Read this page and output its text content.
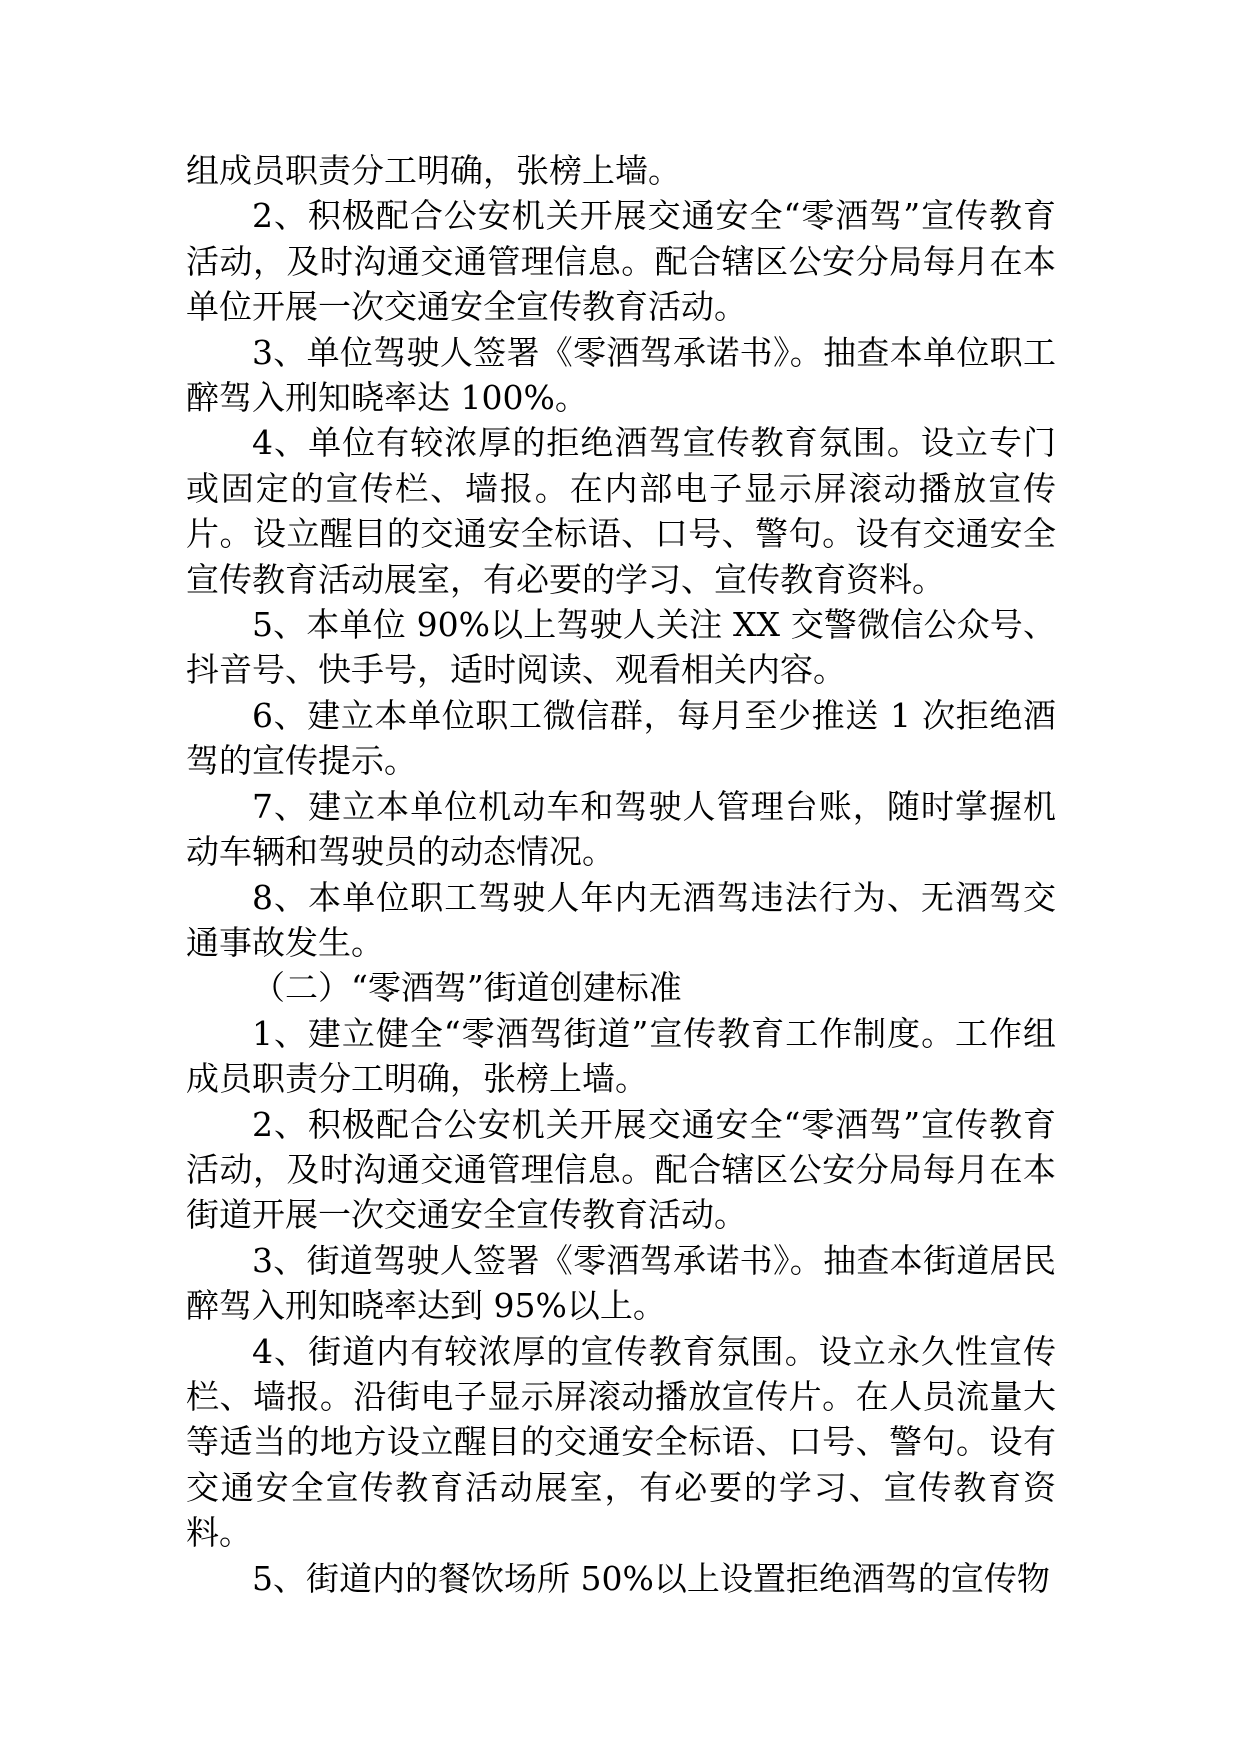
组成员职责分工明确，张榜上墙。

2、积极配合公安机关开展交通安全“零酒驾”宣传教育活动，及时沟通交通管理信息。配合辖区公安分局每月在本单位开展一次交通安全宣传教育活动。

3、单位驾驶人签署《零酒驾承诺书》。抽查本单位职工醉驾入刑知晓率达 100%。

4、单位有较浓厚的拒绝酒驾宣传教育氛围。设立专门或固定的宣传栏、墙报。在内部电子显示屏滚动播放宣传片。设立醒目的交通安全标语、口号、警句。设有交通安全宣传教育活动展室，有必要的学习、宣传教育资料。

5、本单位 90%以上驾驶人关注 XX 交警微信公众号、抖音号、快手号，适时阅读、观看相关内容。

6、建立本单位职工微信群，每月至少推送 1 次拒绝酒驾的宣传提示。

7、建立本单位机动车和驾驶人管理台账，随时掌握机动车辆和驾驶员的动态情况。

8、本单位职工驾驶人年内无酒驾违法行为、无酒驾交通事故发生。

（二）“零酒驾”街道创建标准

1、建立健全“零酒驾街道”宣传教育工作制度。工作组成员职责分工明确，张榜上墙。

2、积极配合公安机关开展交通安全“零酒驾”宣传教育活动，及时沟通交通管理信息。配合辖区公安分局每月在本街道开展一次交通安全宣传教育活动。

3、街道驾驶人签署《零酒驾承诺书》。抽查本街道居民醉驾入刑知晓率达到 95%以上。

4、街道内有较浓厚的宣传教育氛围。设立永久性宣传栏、墙报。沿街电子显示屏滚动播放宣传片。在人员流量大等适当的地方设立醒目的交通安全标语、口号、警句。设有交通安全宣传教育活动展室，有必要的学习、宣传教育资料。

5、街道内的餐饮场所 50%以上设置拒绝酒驾的宣传物
